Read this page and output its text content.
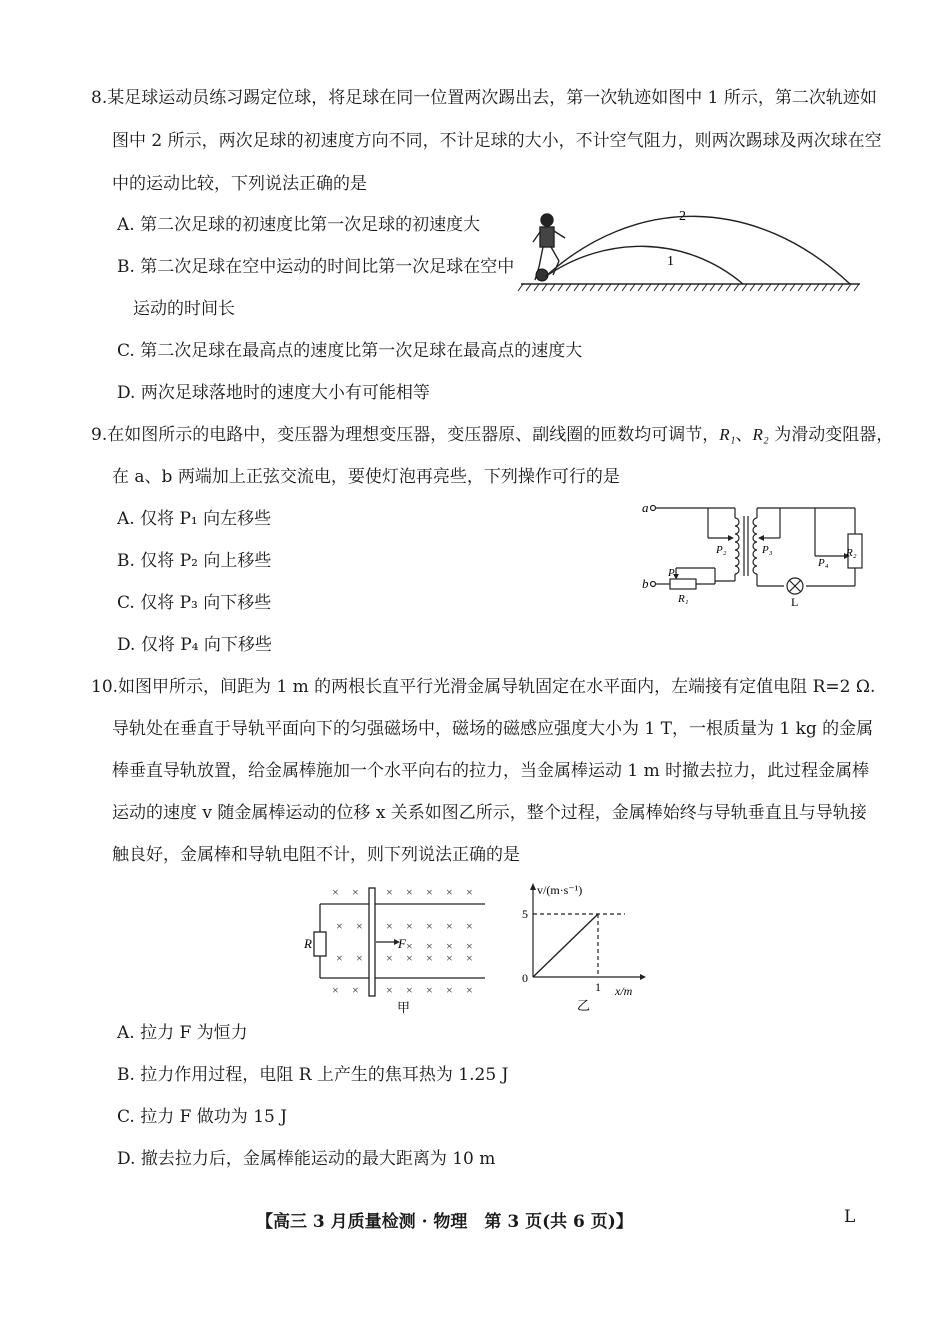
8.某足球运动员练习踢定位球，将足球在同一位置两次踢出去，第一次轨迹如图中 1 所示，第二次轨迹如
图中 2 所示，两次足球的初速度方向不同，不计足球的大小，不计空气阻力，则两次踢球及两次球在空
中的运动比较，下列说法正确的是
A. 第二次足球的初速度比第一次足球的初速度大
B. 第二次足球在空中运动的时间比第一次足球在空中
运动的时间长
C. 第二次足球在最高点的速度比第一次足球在最高点的速度大
D. 两次足球落地时的速度大小有可能相等
2
1
9.在如图所示的电路中，变压器为理想变压器，变压器原、副线圈的匝数均可调节，R₁、R₂ 为滑动变阻器，
在 a、b 两端加上正弦交流电，要使灯泡再亮些，下列操作可行的是
A. 仅将 P₁ 向左移些
B. 仅将 P₂ 向上移些
C. 仅将 P₃ 向下移些
D. 仅将 P₄ 向下移些
a
b
P₂	P₃
P₄
R₂
P₁
R₁	L
10.如图甲所示，间距为 1 m 的两根长直平行光滑金属导轨固定在水平面内，左端接有定值电阻 R=2 Ω.
导轨处在垂直于导轨平面向下的匀强磁场中，磁场的磁感应强度大小为 1 T，一根质量为 1 kg 的金属
棒垂直导轨放置，给金属棒施加一个水平向右的拉力，当金属棒运动 1 m 时撤去拉力，此过程金属棒
运动的速度 v 随金属棒运动的位移 x 关系如图乙所示，整个过程，金属棒始终与导轨垂直且与导轨接
触良好，金属棒和导轨电阻不计，则下列说法正确的是
× × × × × × ×
× × × × × × ×
× × × ×
× × × × × × ×
× × × × × × ×
R	F
甲
v/(m·s⁻¹)
x/m
5
1
0
乙
A. 拉力 F 为恒力
B. 拉力作用过程，电阻 R 上产生的焦耳热为 1.25 J
C. 拉力 F 做功为 15 J
D. 撤去拉力后，金属棒能运动的最大距离为 10 m
【高三 3 月质量检测 · 物理　第 3 页(共 6 页)】	L
